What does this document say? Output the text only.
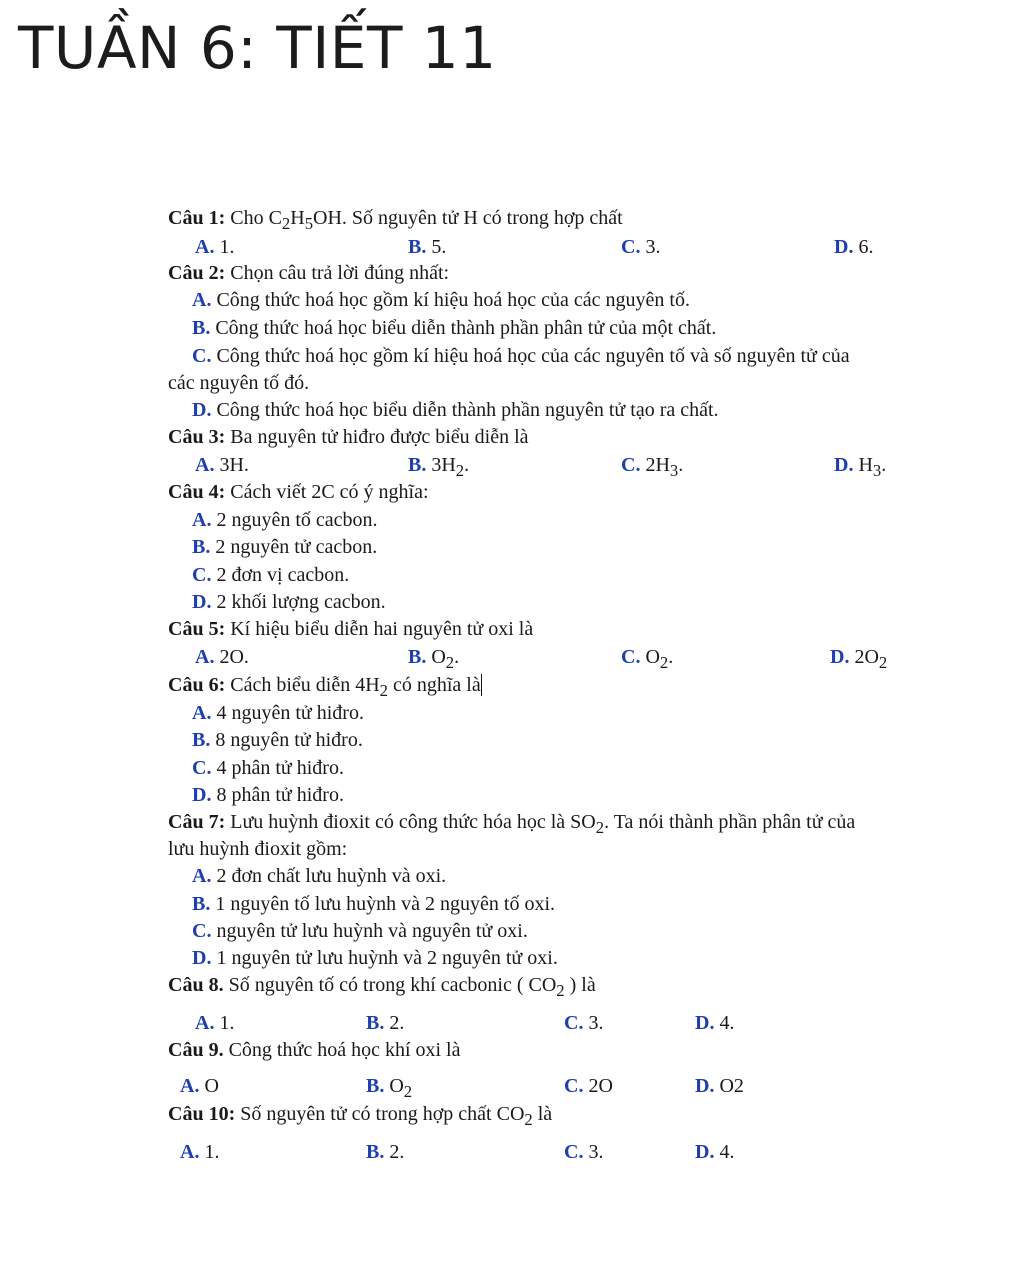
TUẦN 6: TIẾT 11
Câu 1: Cho $C_2H_5OH$. Số nguyên tử H có trong hợp chất
A. 1.	B. 5.	C. 3.	D. 6.
Câu 2: Chọn câu trả lời đúng nhất:
A. Công thức hoá học gồm kí hiệu hoá học của các nguyên tố.
B. Công thức hoá học biểu diễn thành phần phân tử của một chất.
C. Công thức hoá học gồm kí hiệu hoá học của các nguyên tố và số nguyên tử của
các nguyên tố đó.
D. Công thức hoá học biểu diễn thành phần nguyên tử tạo ra chất.
Câu 3: Ba nguyên tử hiđro được biểu diễn là
A. 3H.	B. $3H_2$.	C. $2H_3$.	D. $H_3$.
Câu 4: Cách viết 2C có ý nghĩa:
A. 2 nguyên tố cacbon.
B. 2 nguyên tử cacbon.
C. 2 đơn vị cacbon.
D. 2 khối lượng cacbon.
Câu 5: Kí hiệu biểu diễn hai nguyên tử oxi là
A. 2O.	B. $O_2$.	C. $O_2$.	D. $2O_2$
Câu 6: Cách biểu diễn $4H_2$ có nghĩa là
A. 4 nguyên tử hiđro.
B. 8 nguyên tử hiđro.
C. 4 phân tử hiđro.
D. 8 phân tử hiđro.
Câu 7: Lưu huỳnh đioxit có công thức hóa học là $SO_2$. Ta nói thành phần phân tử của
lưu huỳnh đioxit gồm:
A. 2 đơn chất lưu huỳnh và oxi.
B. 1 nguyên tố lưu huỳnh và 2 nguyên tố oxi.
C. nguyên tử lưu huỳnh và nguyên tử oxi.
D. 1 nguyên tử lưu huỳnh và 2 nguyên tử oxi.
Câu 8. Số nguyên tố có trong khí cacbonic ( $CO_2$ ) là
A. 1.	B. 2.	C. 3.	D. 4.
Câu 9. Công thức hoá học khí oxi là
A. O	B. $O_2$	C. 2O	D. O2
Câu 10: Số nguyên tử có trong hợp chất $CO_2$ là
A. 1.	B. 2.	C. 3.	D. 4.
